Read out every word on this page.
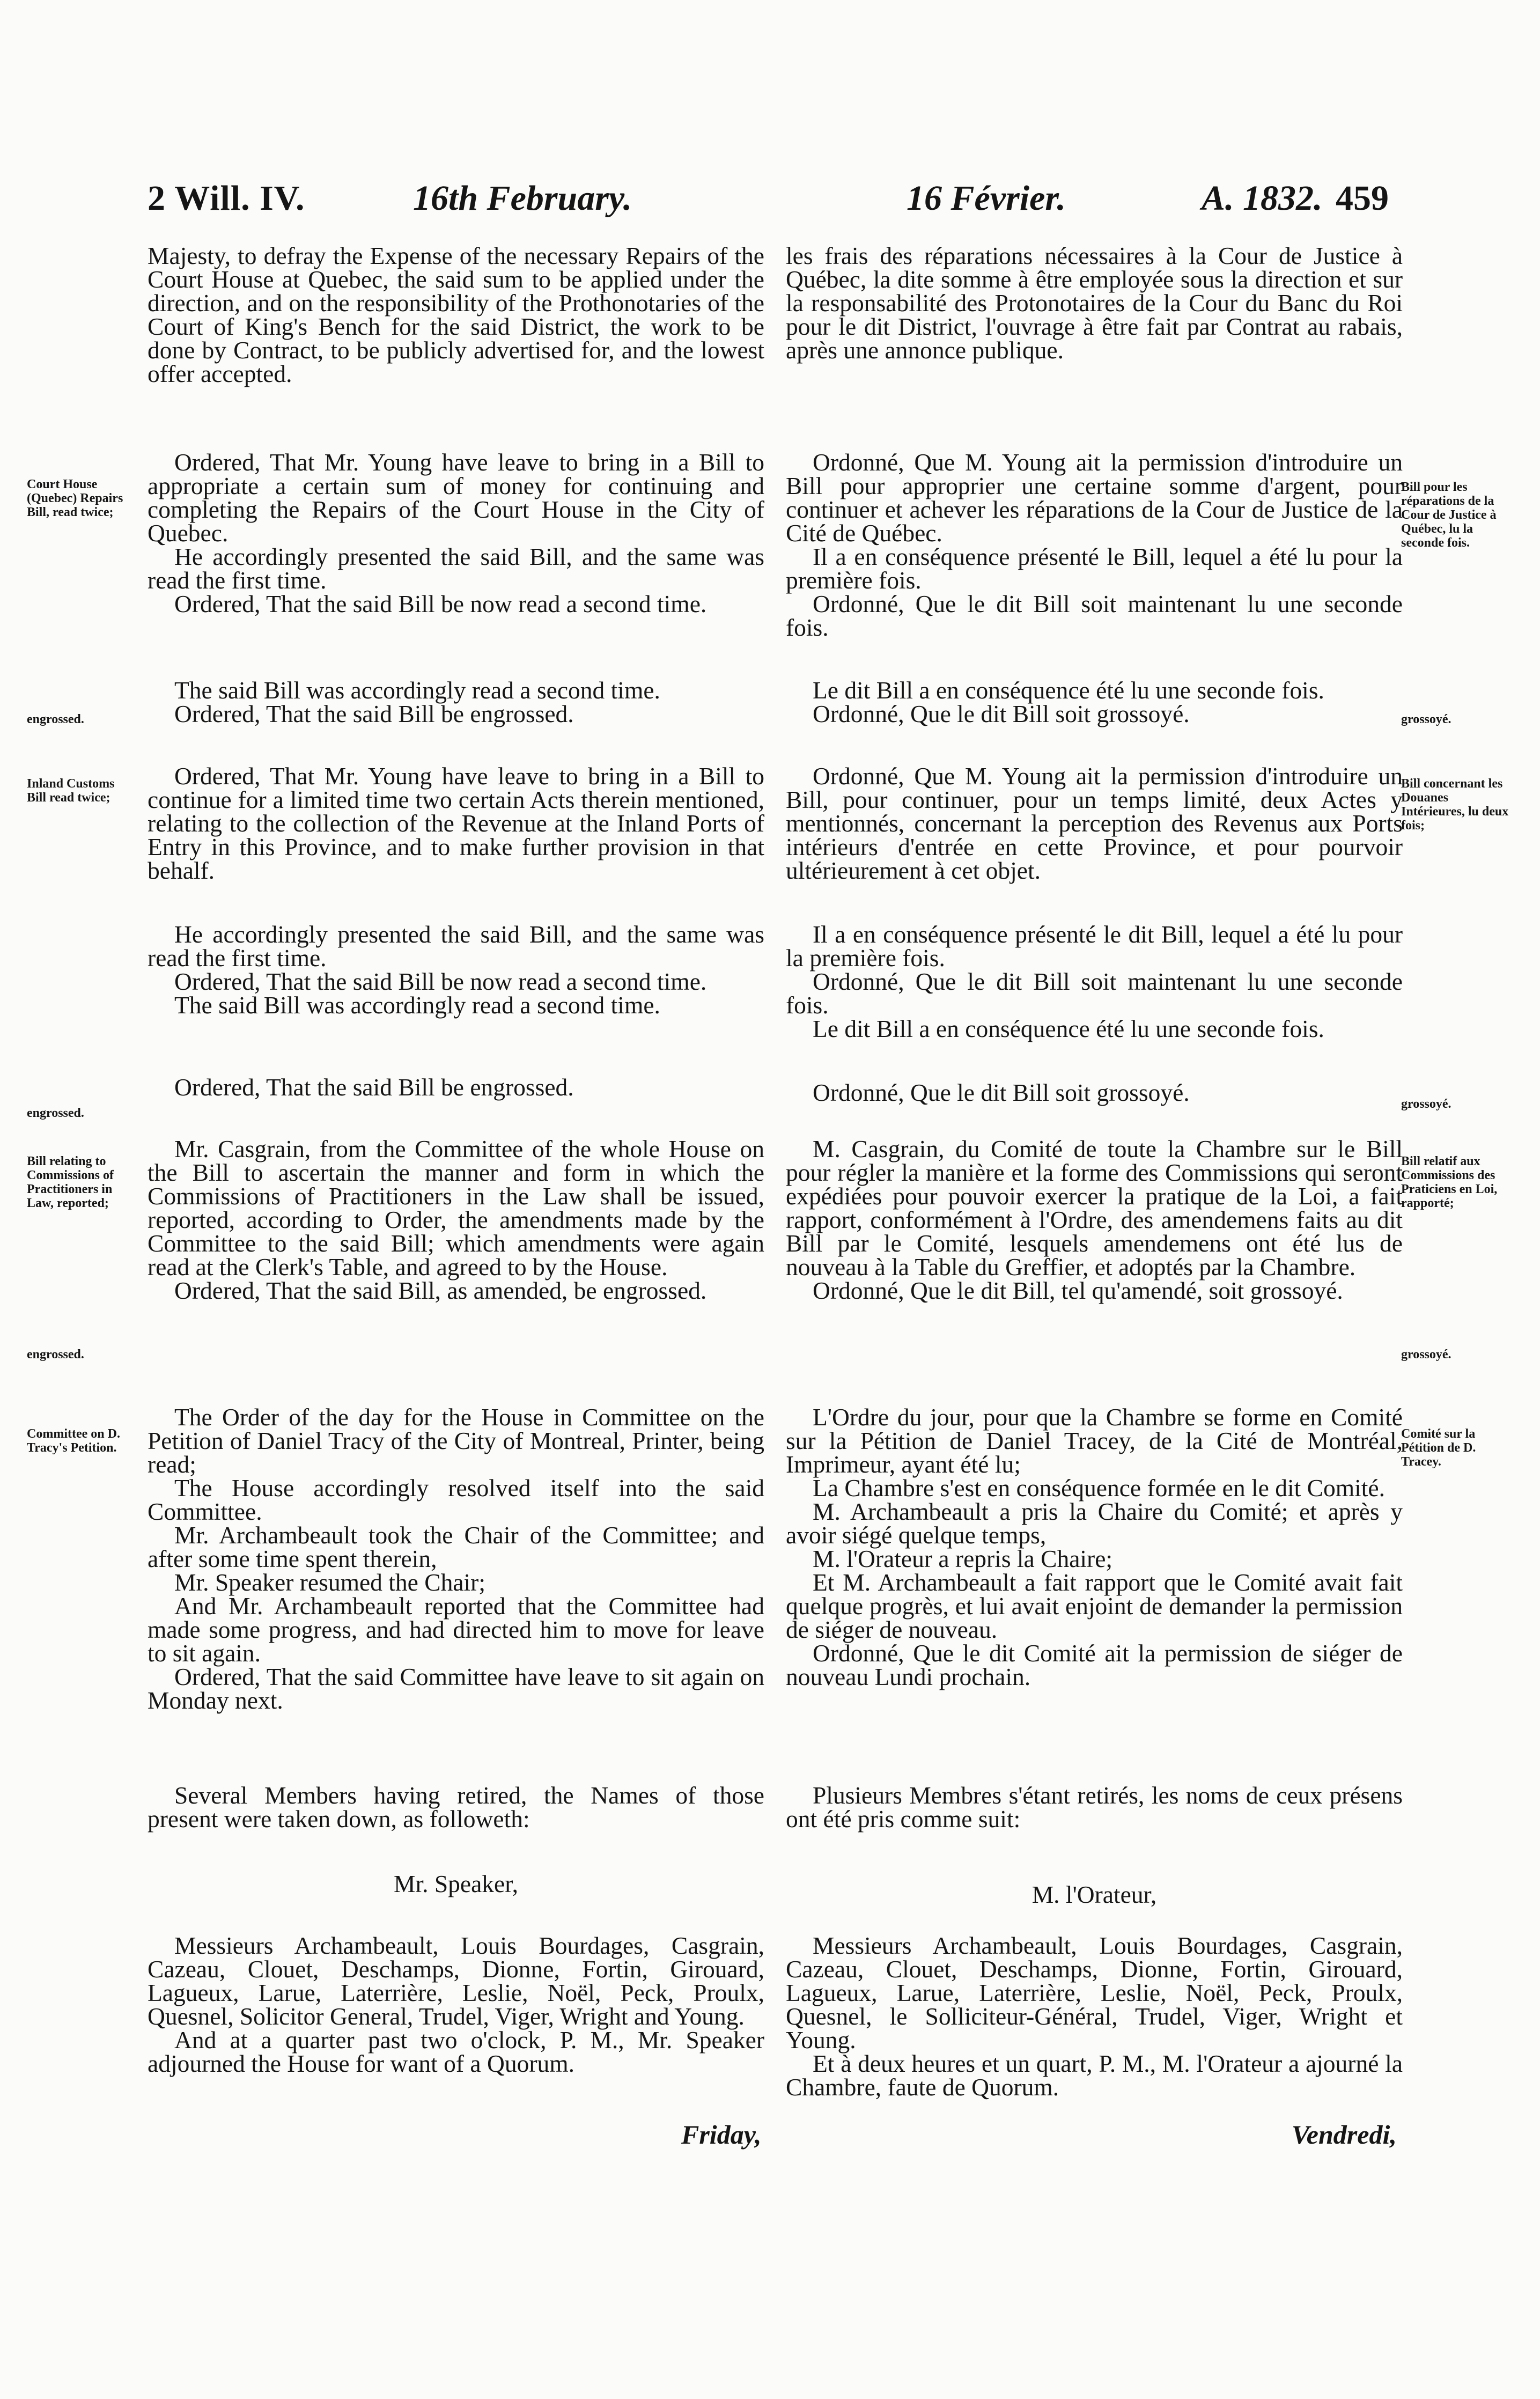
2 Will. IV.	16th February.	16 Février.	A. 1832. 459
Court House (Quebec) Repairs Bill, read twice;
engrossed.
Inland Customs Bill read twice;
engrossed.
Bill relating to Commissions of Practitioners in Law, reported;
engrossed.
Committee on D. Tracy's Petition.
Bill pour les réparations de la Cour de Justice à Québec, lu la seconde fois.
grossoyé.
Bill concernant les Douanes Intérieures, lu deux fois;
grossoyé.
Bill relatif aux Commissions des Praticiens en Loi, rapporté;
grossoyé.
Comité sur la Pétition de D. Tracey.

Majesty, to defray the Expense of the necessary Repairs of the Court House at Quebec, the said sum to be applied under the direction, and on the responsibility of the Prothonotaries of the Court of King's Bench for the said District, the work to be done by Contract, to be publicly advertised for, and the lowest offer accepted.

Ordered, That Mr. Young have leave to bring in a Bill to appropriate a certain sum of money for continuing and completing the Repairs of the Court House in the City of Quebec.

He accordingly presented the said Bill, and the same was read the first time.

Ordered, That the said Bill be now read a second time.

The said Bill was accordingly read a second time.

Ordered, That the said Bill be engrossed.

Ordered, That Mr. Young have leave to bring in a Bill to continue for a limited time two certain Acts therein mentioned, relating to the collection of the Revenue at the Inland Ports of Entry in this Province, and to make further provision in that behalf.

He accordingly presented the said Bill, and the same was read the first time.

Ordered, That the said Bill be now read a second time.

The said Bill was accordingly read a second time.

Ordered, That the said Bill be engrossed.

Mr. Casgrain, from the Committee of the whole House on the Bill to ascertain the manner and form in which the Commissions of Practitioners in the Law shall be issued, reported, according to Order, the amendments made by the Committee to the said Bill; which amendments were again read at the Clerk's Table, and agreed to by the House.

Ordered, That the said Bill, as amended, be engrossed.

The Order of the day for the House in Committee on the Petition of Daniel Tracy of the City of Montreal, Printer, being read;

The House accordingly resolved itself into the said Committee.

Mr. Archambeault took the Chair of the Committee; and after some time spent therein,

Mr. Speaker resumed the Chair;

And Mr. Archambeault reported that the Committee had made some progress, and had directed him to move for leave to sit again.

Ordered, That the said Committee have leave to sit again on Monday next.

Several Members having retired, the Names of those present were taken down, as followeth:

Mr. Speaker,

Messieurs Archambeault, Louis Bourdages, Casgrain, Cazeau, Clouet, Deschamps, Dionne, Fortin, Girouard, Lagueux, Larue, Laterrière, Leslie, Noël, Peck, Proulx, Quesnel, Solicitor General, Trudel, Viger, Wright and Young.

And at a quarter past two o'clock, P. M., Mr. Speaker adjourned the House for want of a Quorum.

les frais des réparations nécessaires à la Cour de Justice à Québec, la dite somme à être employée sous la direction et sur la responsabilité des Protonotaires de la Cour du Banc du Roi pour le dit District, l'ouvrage à être fait par Contrat au rabais, après une annonce publique.

Ordonné, Que M. Young ait la permission d'introduire un Bill pour approprier une certaine somme d'argent, pour continuer et achever les réparations de la Cour de Justice de la Cité de Québec.

Il a en conséquence présenté le Bill, lequel a été lu pour la première fois.

Ordonné, Que le dit Bill soit maintenant lu une seconde fois.

Le dit Bill a en conséquence été lu une seconde fois.

Ordonné, Que le dit Bill soit grossoyé.

Ordonné, Que M. Young ait la permission d'introduire un Bill, pour continuer, pour un temps limité, deux Actes y mentionnés, concernant la perception des Revenus aux Ports intérieurs d'entrée en cette Province, et pour pourvoir ultérieurement à cet objet.

Il a en conséquence présenté le dit Bill, lequel a été lu pour la première fois.

Ordonné, Que le dit Bill soit maintenant lu une seconde fois.

Le dit Bill a en conséquence été lu une seconde fois.

Ordonné, Que le dit Bill soit grossoyé.

M. Casgrain, du Comité de toute la Chambre sur le Bill pour régler la manière et la forme des Commissions qui seront expédiées pour pouvoir exercer la pratique de la Loi, a fait rapport, conformément à l'Ordre, des amendemens faits au dit Bill par le Comité, lesquels amendemens ont été lus de nouveau à la Table du Greffier, et adoptés par la Chambre.

Ordonné, Que le dit Bill, tel qu'amendé, soit grossoyé.

L'Ordre du jour, pour que la Chambre se forme en Comité sur la Pétition de Daniel Tracey, de la Cité de Montréal, Imprimeur, ayant été lu;

La Chambre s'est en conséquence formée en le dit Comité.

M. Archambeault a pris la Chaire du Comité; et après y avoir siégé quelque temps,

M. l'Orateur a repris la Chaire;

Et M. Archambeault a fait rapport que le Comité avait fait quelque progrès, et lui avait enjoint de demander la permission de siéger de nouveau.

Ordonné, Que le dit Comité ait la permission de siéger de nouveau Lundi prochain.

Plusieurs Membres s'étant retirés, les noms de ceux présens ont été pris comme suit:

M. l'Orateur,

Messieurs Archambeault, Louis Bourdages, Casgrain, Cazeau, Clouet, Deschamps, Dionne, Fortin, Girouard, Lagueux, Larue, Laterrière, Leslie, Noël, Peck, Proulx, Quesnel, le Solliciteur-Général, Trudel, Viger, Wright et Young.

Et à deux heures et un quart, P. M., M. l'Orateur a ajourné la Chambre, faute de Quorum.

Friday,	Vendredi,
